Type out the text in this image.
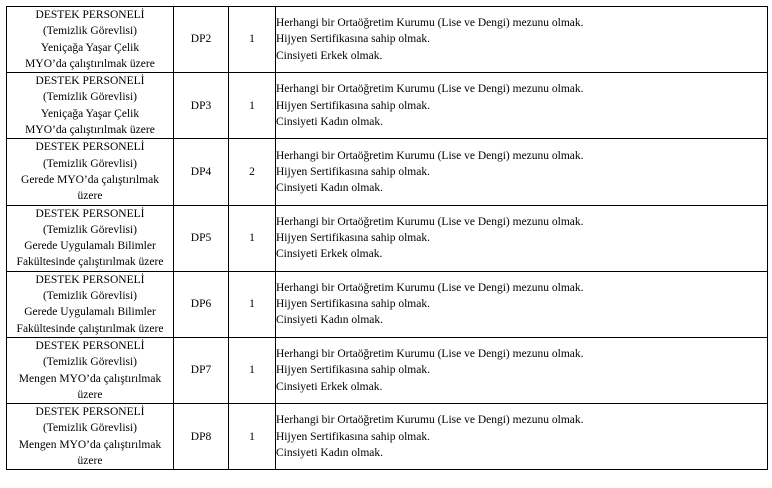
DESTEK PERSONELİ
(Temizlik Görevlisi)
Yeniçağa Yaşar Çelik
MYO’da çalıştırılmak üzere	DP2	1	Herhangi bir Ortaöğretim Kurumu (Lise ve Dengi) mezunu olmak.
Hijyen Sertifikasına sahip olmak.
Cinsiyeti Erkek olmak.

DESTEK PERSONELİ
(Temizlik Görevlisi)
Yeniçağa Yaşar Çelik
MYO’da çalıştırılmak üzere	DP3	1	Herhangi bir Ortaöğretim Kurumu (Lise ve Dengi) mezunu olmak.
Hijyen Sertifikasına sahip olmak.
Cinsiyeti Kadın olmak.

DESTEK PERSONELİ
(Temizlik Görevlisi)
Gerede MYO’da çalıştırılmak
üzere	DP4	2	Herhangi bir Ortaöğretim Kurumu (Lise ve Dengi) mezunu olmak.
Hijyen Sertifikasına sahip olmak.
Cinsiyeti Kadın olmak.

DESTEK PERSONELİ
(Temizlik Görevlisi)
Gerede Uygulamalı Bilimler
Fakültesinde çalıştırılmak üzere	DP5	1	Herhangi bir Ortaöğretim Kurumu (Lise ve Dengi) mezunu olmak.
Hijyen Sertifikasına sahip olmak.
Cinsiyeti Erkek olmak.

DESTEK PERSONELİ
(Temizlik Görevlisi)
Gerede Uygulamalı Bilimler
Fakültesinde çalıştırılmak üzere	DP6	1	Herhangi bir Ortaöğretim Kurumu (Lise ve Dengi) mezunu olmak.
Hijyen Sertifikasına sahip olmak.
Cinsiyeti Kadın olmak.

DESTEK PERSONELİ
(Temizlik Görevlisi)
Mengen MYO’da çalıştırılmak
üzere	DP7	1	Herhangi bir Ortaöğretim Kurumu (Lise ve Dengi) mezunu olmak.
Hijyen Sertifikasına sahip olmak.
Cinsiyeti Erkek olmak.

DESTEK PERSONELİ
(Temizlik Görevlisi)
Mengen MYO’da çalıştırılmak
üzere	DP8	1	Herhangi bir Ortaöğretim Kurumu (Lise ve Dengi) mezunu olmak.
Hijyen Sertifikasına sahip olmak.
Cinsiyeti Kadın olmak.
